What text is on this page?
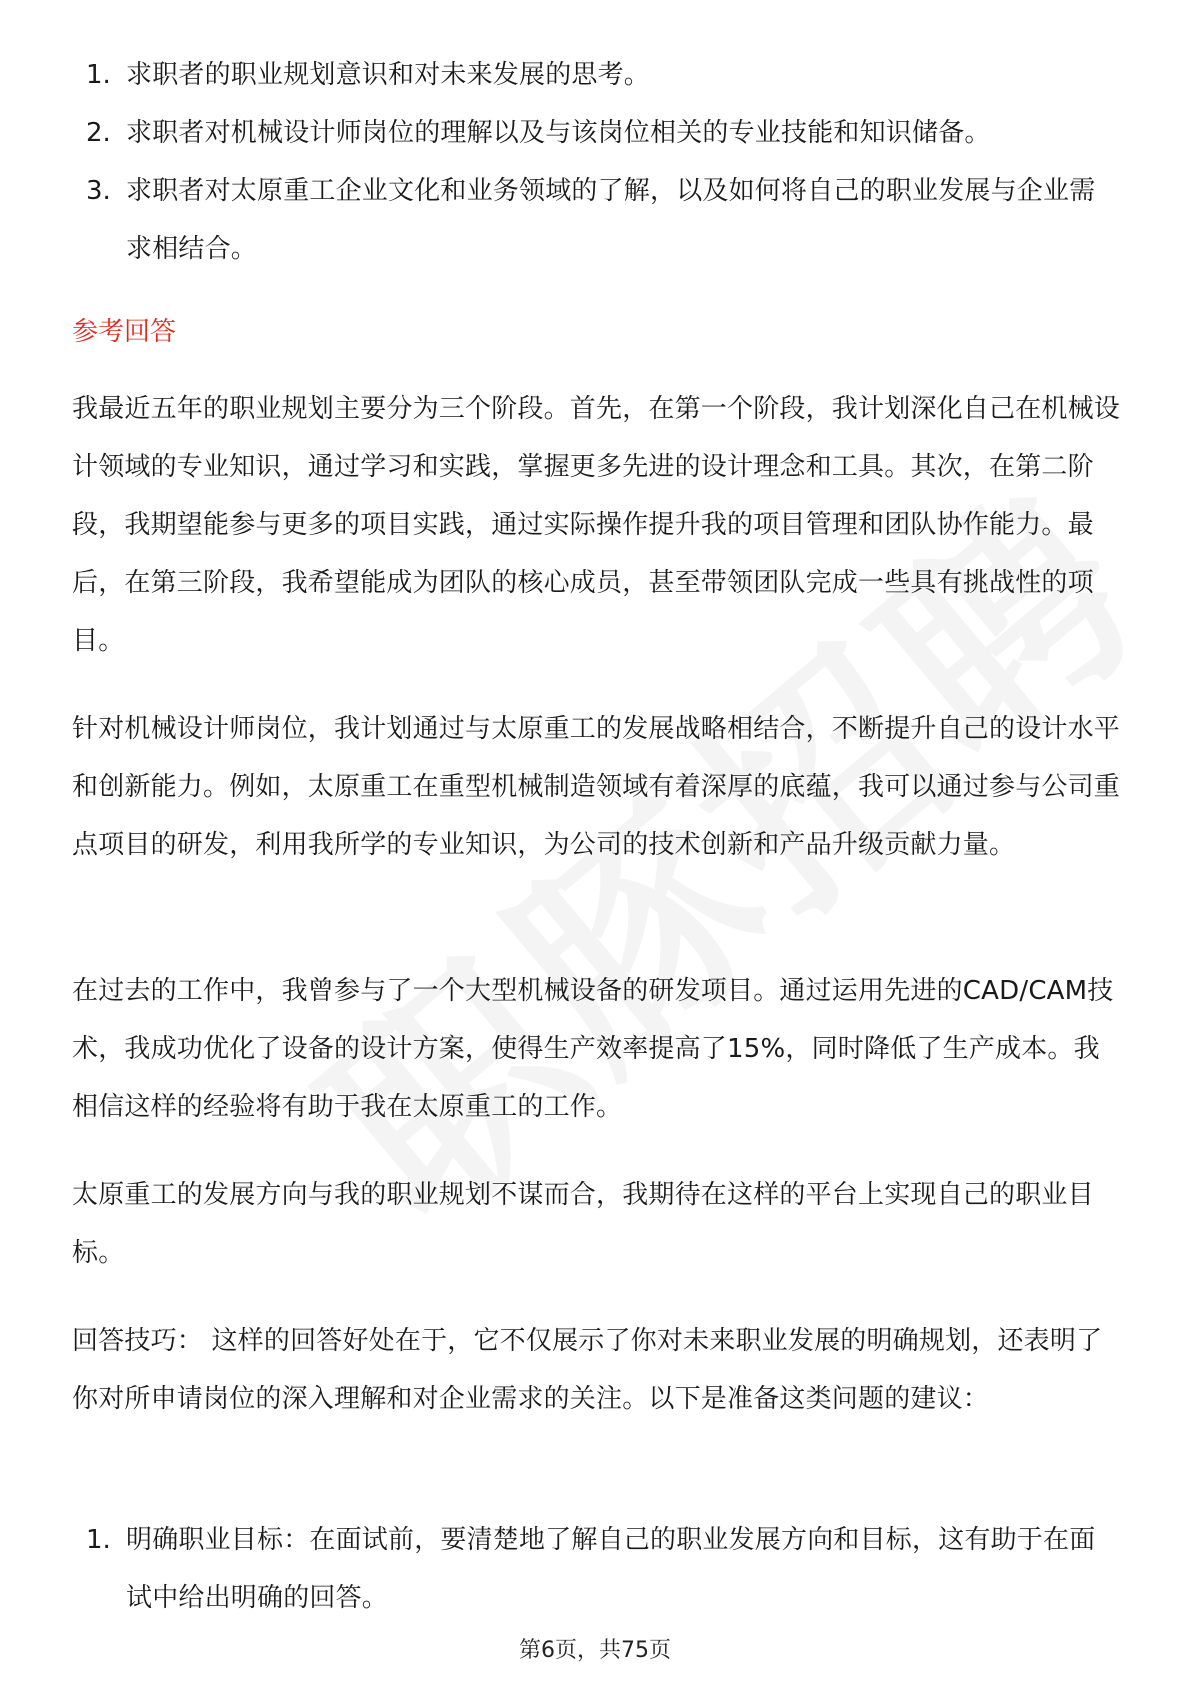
1. 求职者的职业规划意识和对未来发展的思考。
2. 求职者对机械设计师岗位的理解以及与该岗位相关的专业技能和知识储备。
3. 求职者对太原重工企业文化和业务领域的了解，以及如何将自己的职业发展与企业需求相结合。
参考回答
我最近五年的职业规划主要分为三个阶段。首先，在第一个阶段，我计划深化自己在机械设计领域的专业知识，通过学习和实践，掌握更多先进的设计理念和工具。其次，在第二阶段，我期望能参与更多的项目实践，通过实际操作提升我的项目管理和团队协作能力。最后，在第三阶段，我希望能成为团队的核心成员，甚至带领团队完成一些具有挑战性的项目。
针对机械设计师岗位，我计划通过与太原重工的发展战略相结合，不断提升自己的设计水平和创新能力。例如，太原重工在重型机械制造领域有着深厚的底蕴，我可以通过参与公司重点项目的研发，利用我所学的专业知识，为公司的技术创新和产品升级贡献力量。
在过去的工作中，我曾参与了一个大型机械设备的研发项目。通过运用先进的CAD/CAM技术，我成功优化了设备的设计方案，使得生产效率提高了15%，同时降低了生产成本。我相信这样的经验将有助于我在太原重工的工作。
太原重工的发展方向与我的职业规划不谋而合，我期待在这样的平台上实现自己的职业目标。
回答技巧： 这样的回答好处在于，它不仅展示了你对未来职业发展的明确规划，还表明了你对所申请岗位的深入理解和对企业需求的关注。以下是准备这类问题的建议：
1. 明确职业目标：在面试前，要清楚地了解自己的职业发展方向和目标，这有助于在面试中给出明确的回答。
第6页，共75页
